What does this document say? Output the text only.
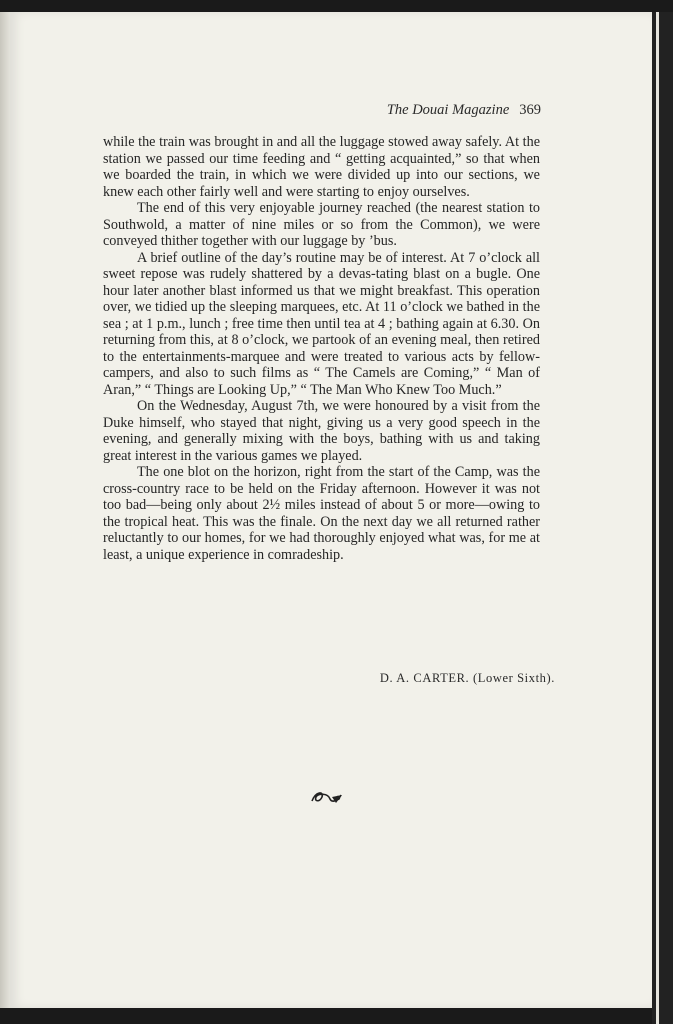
The Douai Magazine 369

while the train was brought in and all the luggage stowed away safely. At the station we passed our time feeding and “ getting acquainted,” so that when we boarded the train, in which we were divided up into our sections, we knew each other fairly well and were starting to enjoy ourselves.

The end of this very enjoyable journey reached (the nearest station to Southwold, a matter of nine miles or so from the Common), we were conveyed thither together with our luggage by ’bus.

A brief outline of the day’s routine may be of interest. At 7 o’clock all sweet repose was rudely shattered by a devas-tating blast on a bugle. One hour later another blast informed us that we might breakfast. This operation over, we tidied up the sleeping marquees, etc. At 11 o’clock we bathed in the sea ; at 1 p.m., lunch ; free time then until tea at 4 ; bathing again at 6.30. On returning from this, at 8 o’clock, we partook of an evening meal, then retired to the entertainments-marquee and were treated to various acts by fellow-campers, and also to such films as “ The Camels are Coming,” “ Man of Aran,” “ Things are Looking Up,” “ The Man Who Knew Too Much.”

On the Wednesday, August 7th, we were honoured by a visit from the Duke himself, who stayed that night, giving us a very good speech in the evening, and generally mixing with the boys, bathing with us and taking great interest in the various games we played.

The one blot on the horizon, right from the start of the Camp, was the cross-country race to be held on the Friday afternoon. However it was not too bad—being only about 2½ miles instead of about 5 or more—owing to the tropical heat. This was the finale. On the next day we all returned rather reluctantly to our homes, for we had thoroughly enjoyed what was, for me at least, a unique experience in comradeship.

D. A. CARTER. (Lower Sixth).
